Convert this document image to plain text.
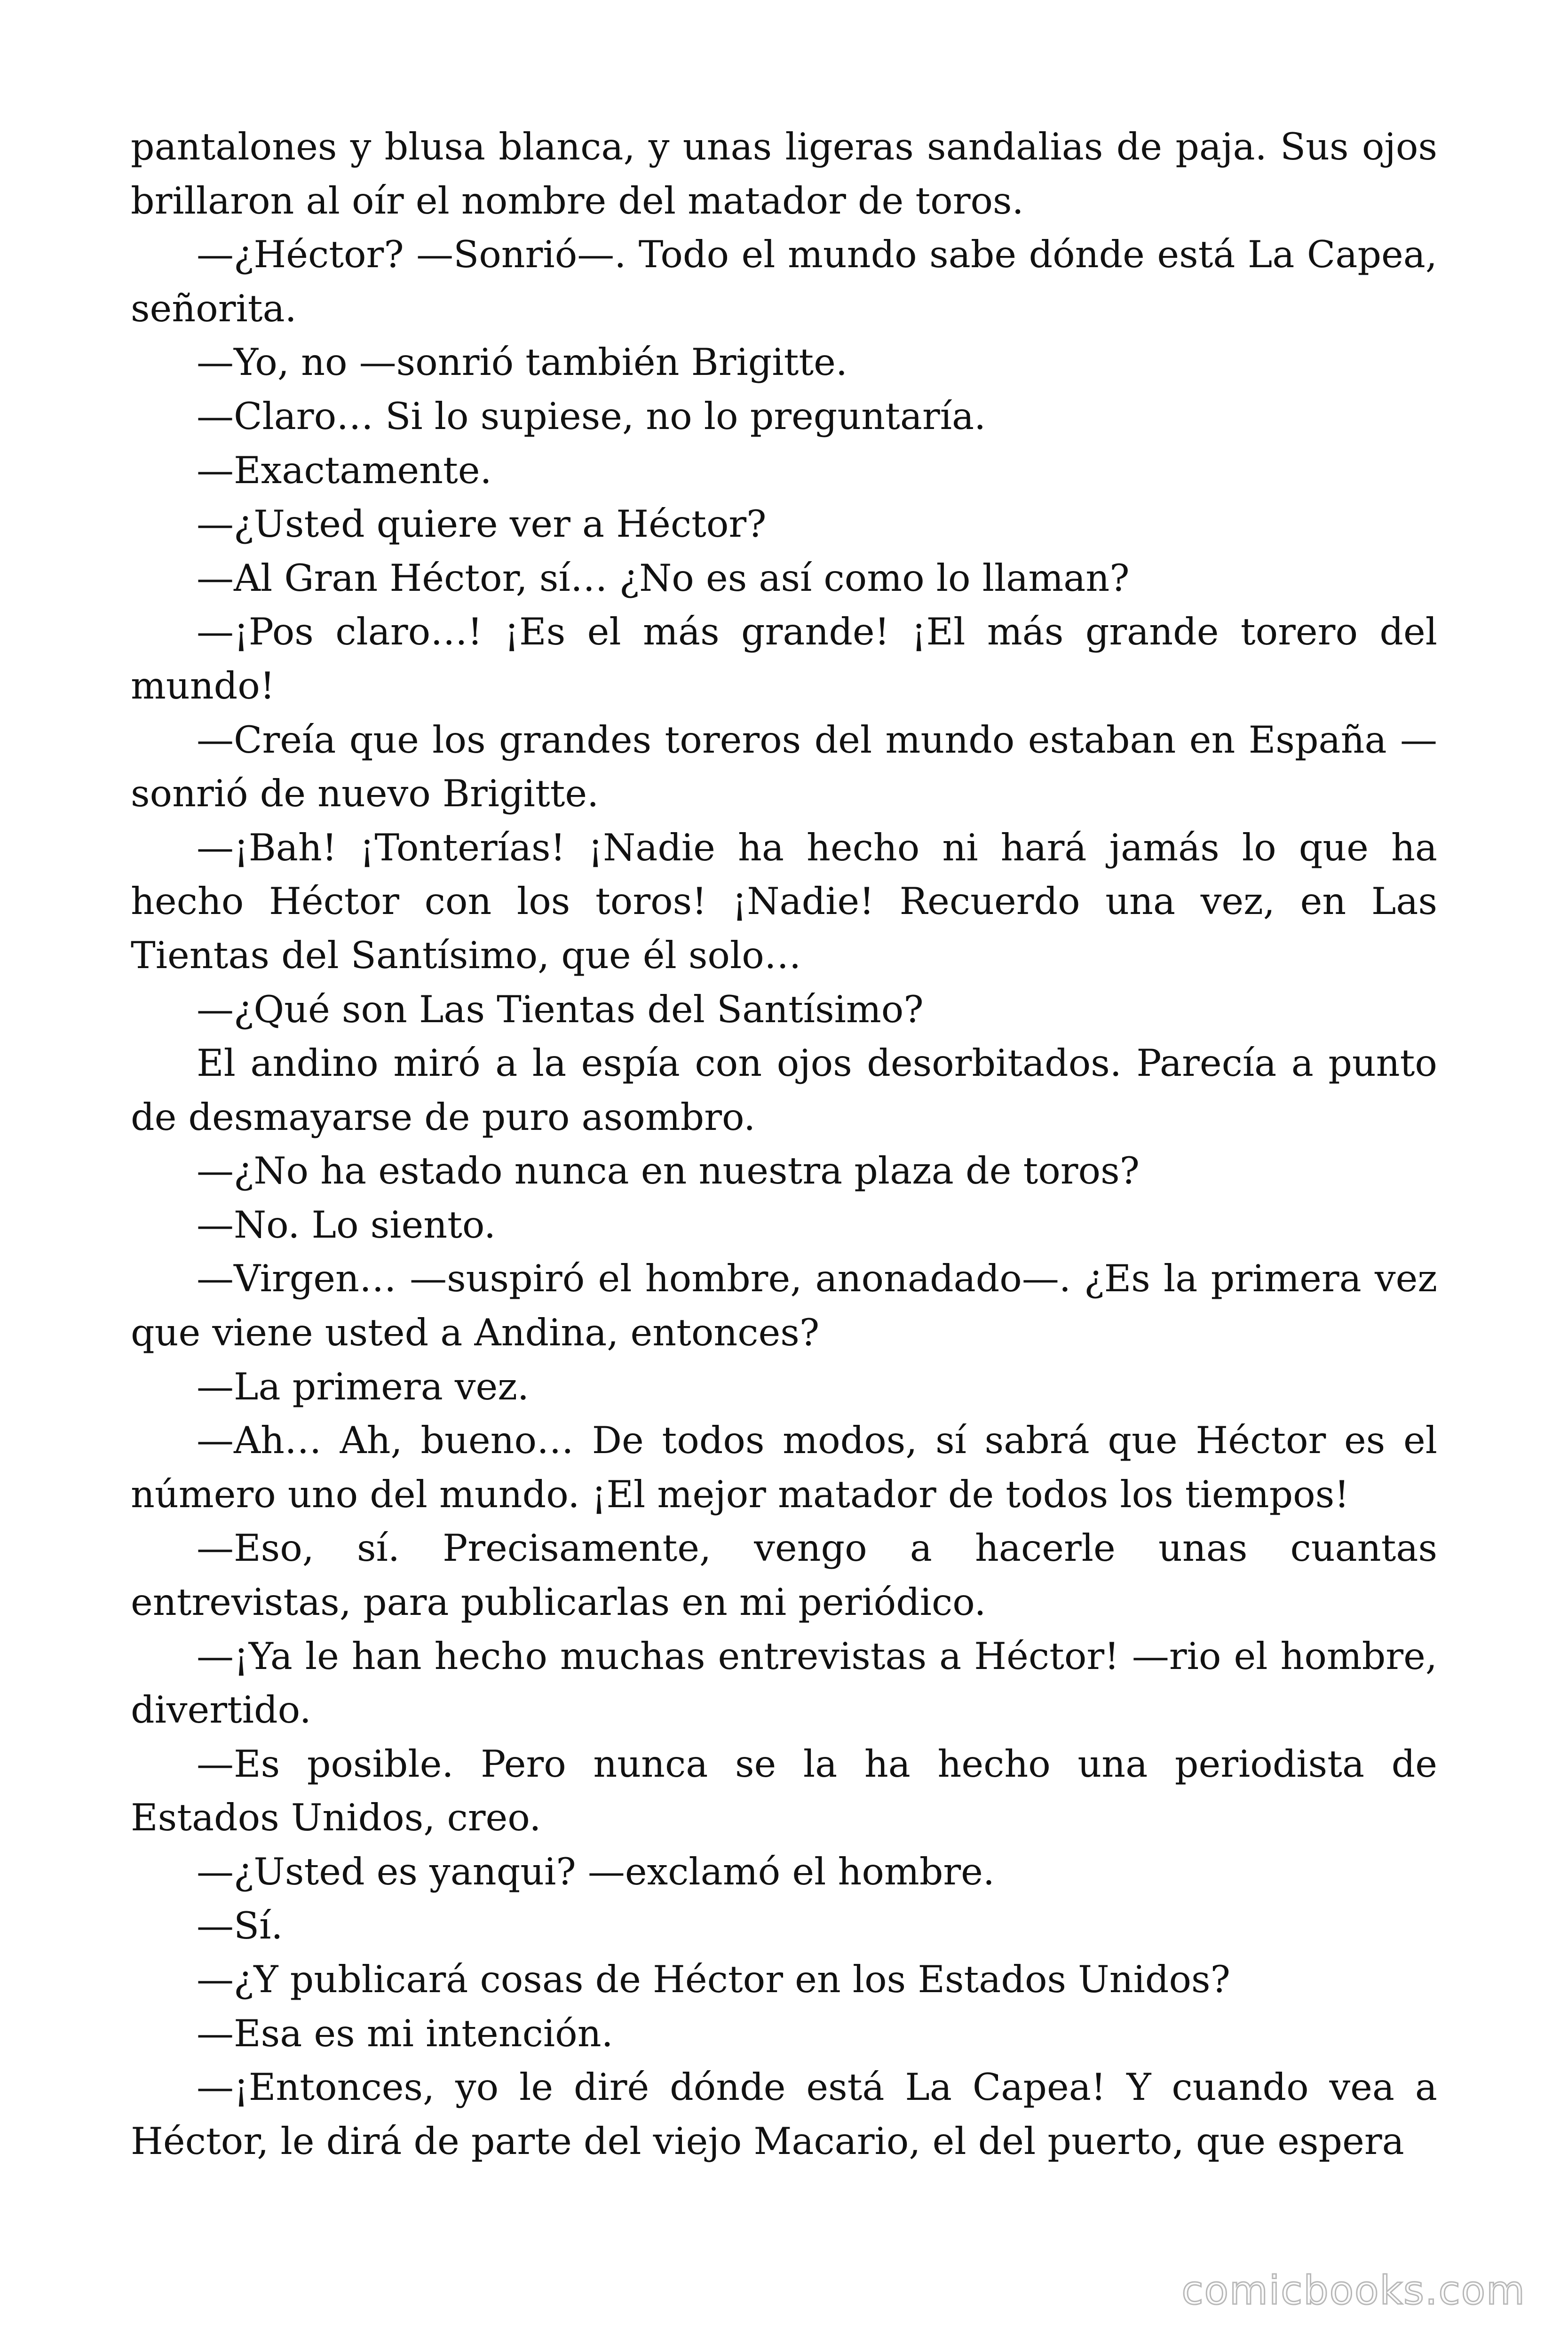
pantalones y blusa blanca, y unas ligeras sandalias de paja. Sus ojos brillaron al oír el nombre del matador de toros.

—¿Héctor? —Sonrió—. Todo el mundo sabe dónde está La Capea, señorita.

—Yo, no —sonrió también Brigitte.

—Claro… Si lo supiese, no lo preguntaría.

—Exactamente.

—¿Usted quiere ver a Héctor?

—Al Gran Héctor, sí… ¿No es así como lo llaman?

—¡Pos claro…! ¡Es el más grande! ¡El más grande torero del mundo!

—Creía que los grandes toreros del mundo estaban en España —sonrió de nuevo Brigitte.

—¡Bah! ¡Tonterías! ¡Nadie ha hecho ni hará jamás lo que ha hecho Héctor con los toros! ¡Nadie! Recuerdo una vez, en Las Tientas del Santísimo, que él solo…

—¿Qué son Las Tientas del Santísimo?

El andino miró a la espía con ojos desorbitados. Parecía a punto de desmayarse de puro asombro.

—¿No ha estado nunca en nuestra plaza de toros?

—No. Lo siento.

—Virgen… —suspiró el hombre, anonadado—. ¿Es la primera vez que viene usted a Andina, entonces?

—La primera vez.

—Ah… Ah, bueno… De todos modos, sí sabrá que Héctor es el número uno del mundo. ¡El mejor matador de todos los tiempos!

—Eso, sí. Precisamente, vengo a hacerle unas cuantas entrevistas, para publicarlas en mi periódico.

—¡Ya le han hecho muchas entrevistas a Héctor! —rio el hombre, divertido.

—Es posible. Pero nunca se la ha hecho una periodista de Estados Unidos, creo.

—¿Usted es yanqui? —exclamó el hombre.

—Sí.

—¿Y publicará cosas de Héctor en los Estados Unidos?

—Esa es mi intención.

—¡Entonces, yo le diré dónde está La Capea! Y cuando vea a Héctor, le dirá de parte del viejo Macario, el del puerto, que espera

comicbooks.com
